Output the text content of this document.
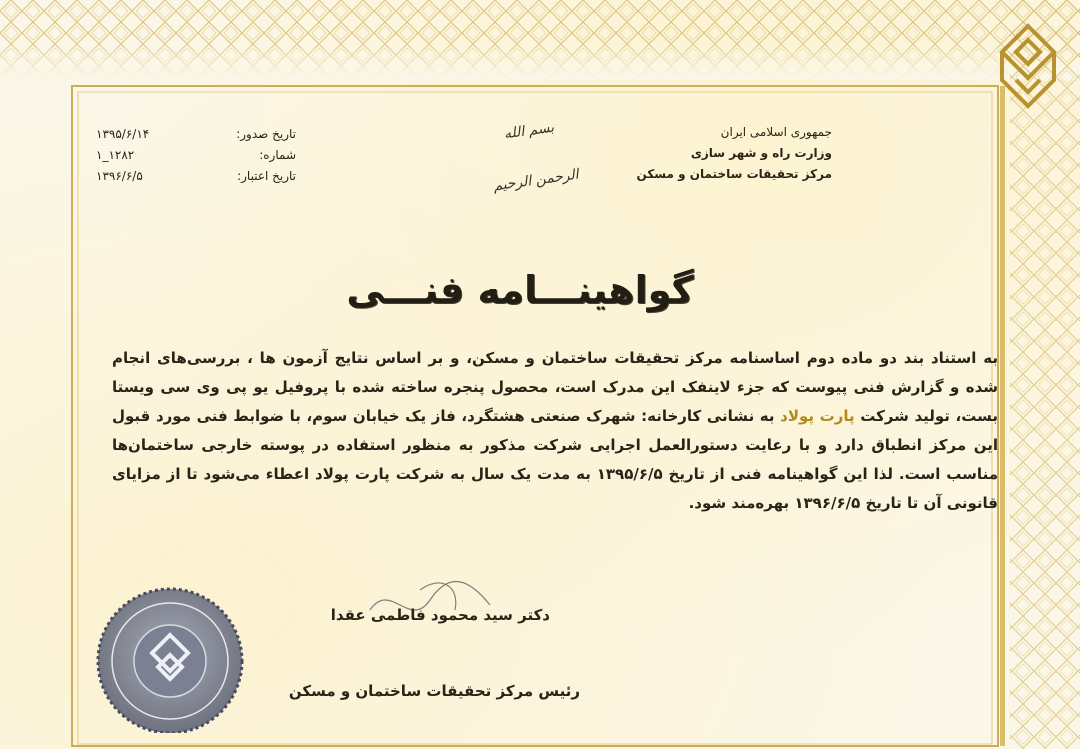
تاریخ صدور:
۱۳۹۵/۶/۱۴
شماره:
۱۲۸۲_۱
تاریخ اعتبار:
۱۳۹۶/۶/۵
بسم الله الرحمن الرحیم
جمهوری اسلامی ایران
وزارت راه و شهر سازی
مرکز تحقیقات ساختمان و مسکن
گواهینـــامه فنـــی

به استناد بند دو ماده دوم اساسنامه مرکز تحقیقات ساختمان و مسکن، و بر اساس نتایج آزمون ها ، بررسی‌های انجام شده و گزارش فنی پیوست که جزء لاینفک این مدرک است، محصول پنجره ساخته شده با پروفیل یو پی وی سی ویستا بست، تولید شرکت پارت پولاد به نشانی کارخانه: شهرک صنعتی هشتگرد، فاز یک خیابان سوم، با ضوابط فنی مورد قبول این مرکز انطباق دارد و با رعایت دستورالعمل اجرایی شرکت مذکور به منظور استفاده در پوسته خارجی ساختمان‌ها مناسب است. لذا این گواهینامه فنی از تاریخ ۱۳۹۵/۶/۵ به مدت یک سال به شرکت پارت پولاد اعطاء می‌شود تا از مزایای قانونی آن تا تاریخ ۱۳۹۶/۶/۵ بهره‌مند شود.

دکتر سید محمود فاطمی عقدا
رئیس مرکز تحقیقات ساختمان و مسکن
